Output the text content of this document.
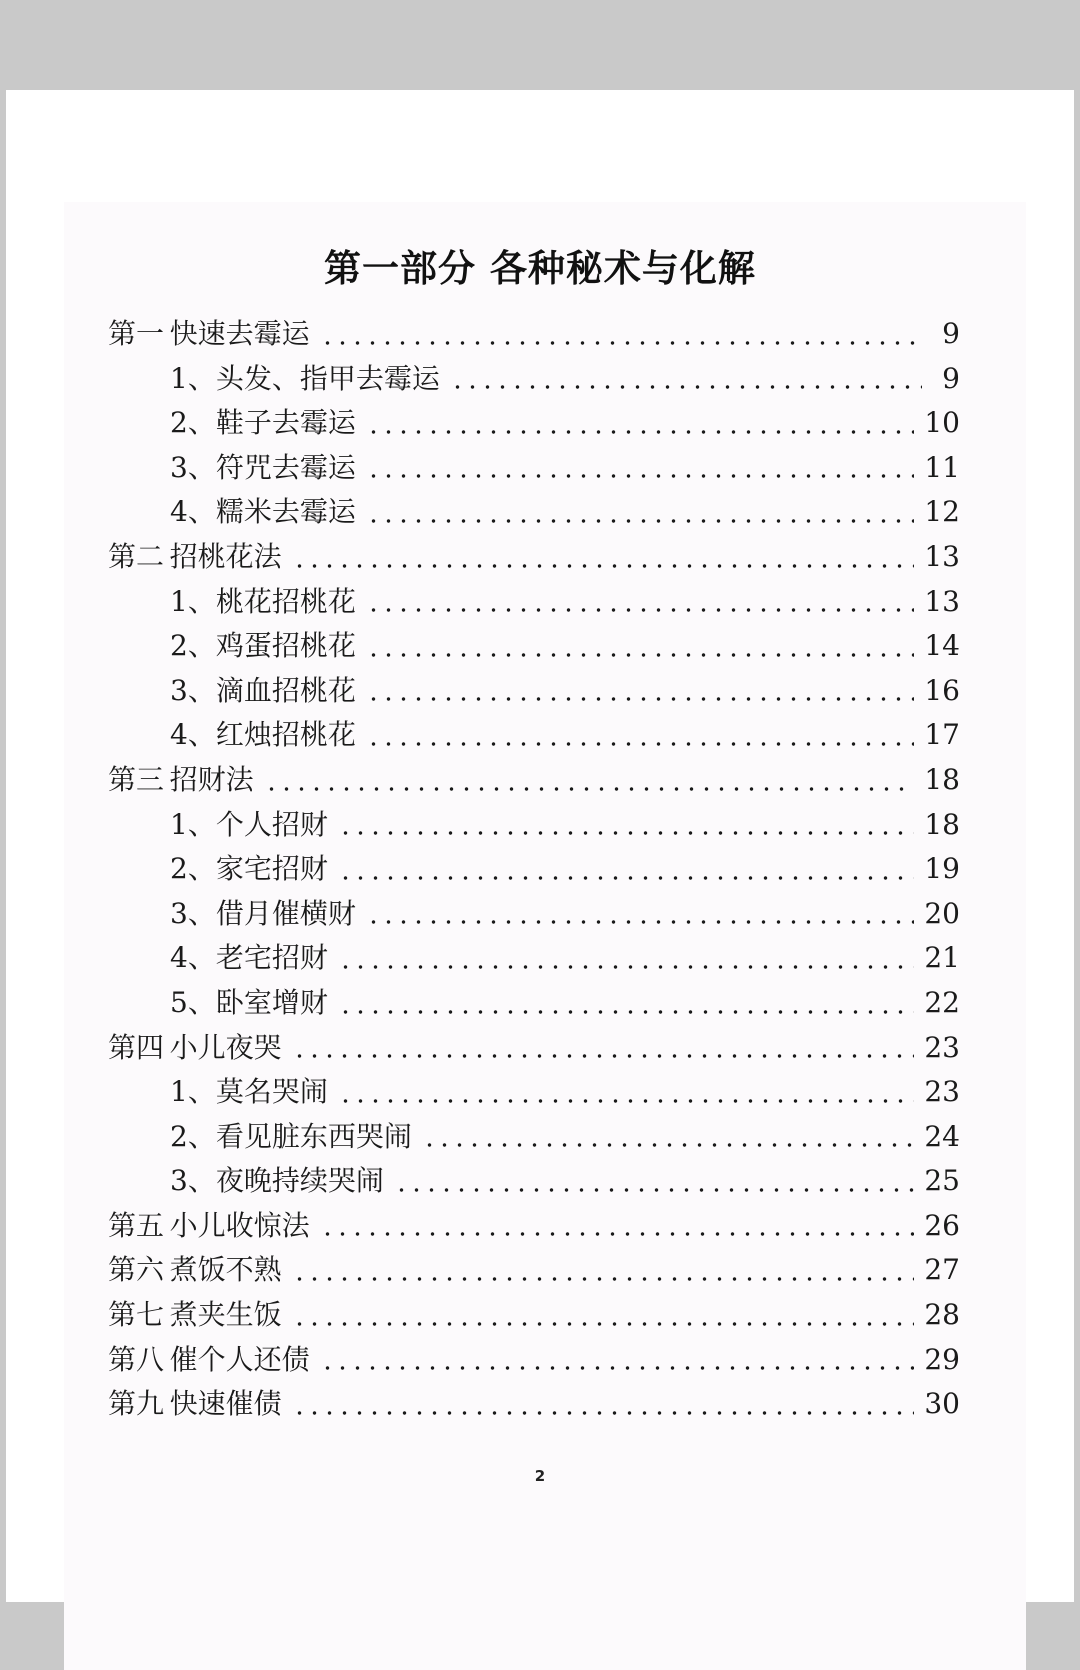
第一部分 各种秘术与化解
第一 快速去霉运	9
1、头发、指甲去霉运	9
2、鞋子去霉运	10
3、符咒去霉运	11
4、糯米去霉运	12
第二 招桃花法	13
1、桃花招桃花	13
2、鸡蛋招桃花	14
3、滴血招桃花	16
4、红烛招桃花	17
第三 招财法	18
1、个人招财	18
2、家宅招财	19
3、借月催横财	20
4、老宅招财	21
5、卧室增财	22
第四 小儿夜哭	23
1、莫名哭闹	23
2、看见脏东西哭闹	24
3、夜晚持续哭闹	25
第五 小儿收惊法	26
第六 煮饭不熟	27
第七 煮夹生饭	28
第八 催个人还债	29
第九 快速催债	30
2
